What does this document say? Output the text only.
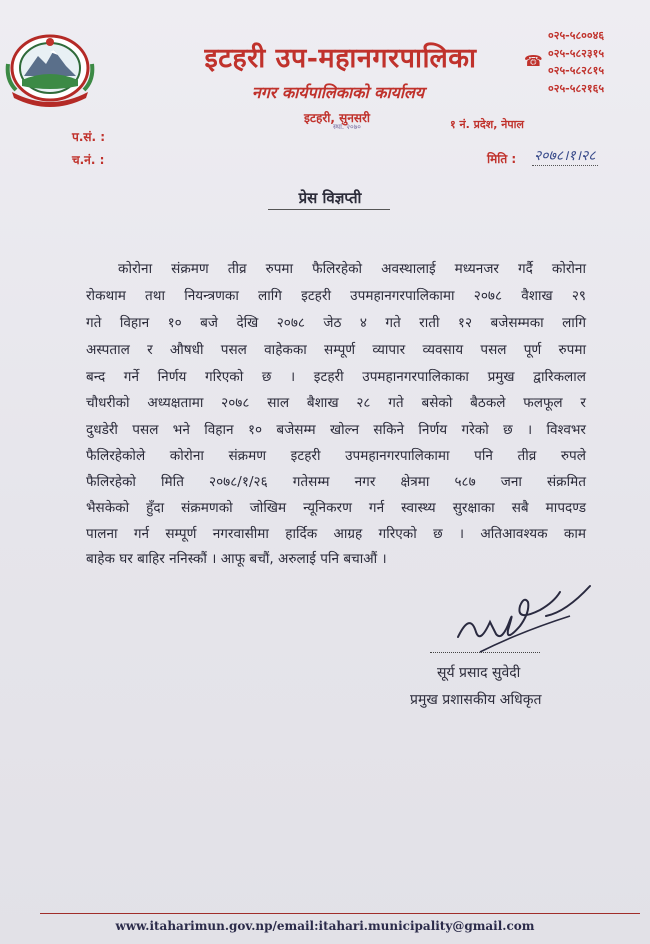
इटहरी उप-महानगरपालिका
नगर कार्यपालिकाको कार्यालय
इटहरी, सुनसरी
स्था. २०७०	१ नं. प्रदेश, नेपाल
☎
०२५-५८००४६
०२५-५८२३१५
०२५-५८२८१५
०२५-५८२१६५
प.सं. :
च.नं. :	मिति : २०७८।१।२८
प्रेस विज्ञप्ती
कोरोना संक्रमण तीव्र रुपमा फैलिरहेको अवस्थालाई मध्यनजर गर्दै कोरोना
रोकथाम तथा नियन्त्रणका लागि इटहरी उपमहानगरपालिकामा २०७८ वैशाख २९
गते विहान १० बजे देखि २०७८ जेठ ४ गते राती १२ बजेसम्मका लागि
अस्पताल र औषधी पसल वाहेकका सम्पूर्ण व्यापार व्यवसाय पसल पूर्ण रुपमा
बन्द गर्ने निर्णय गरिएको छ । इटहरी उपमहानगरपालिकाका प्रमुख द्वारिकलाल
चौधरीको अध्यक्षतामा २०७८ साल बैशाख २८ गते बसेको बैठकले फलफूल र
दुधडेरी पसल भने विहान १० बजेसम्म खोल्न सकिने निर्णय गरेको छ । विश्वभर
फैलिरहेकोले कोरोना संक्रमण इटहरी उपमहानगरपालिकामा पनि तीव्र रुपले
फैलिरहेको मिति २०७८/१/२६ गतेसम्म नगर क्षेत्रमा ५८७ जना संक्रमित
भैसकेको हुँदा संक्रमणको जोखिम न्यूनिकरण गर्न स्वास्थ्य सुरक्षाका सबै मापदण्ड
पालना गर्न सम्पूर्ण नगरवासीमा हार्दिक आग्रह गरिएको छ । अतिआवश्यक काम
बाहेक घर बाहिर ननिस्कौं । आफू बचौं, अरुलाई पनि बचाऔं ।
सूर्य प्रसाद सुवेदी
प्रमुख प्रशासकीय अधिकृत
www.itaharimun.gov.np/email:itahari.municipality@gmail.com
